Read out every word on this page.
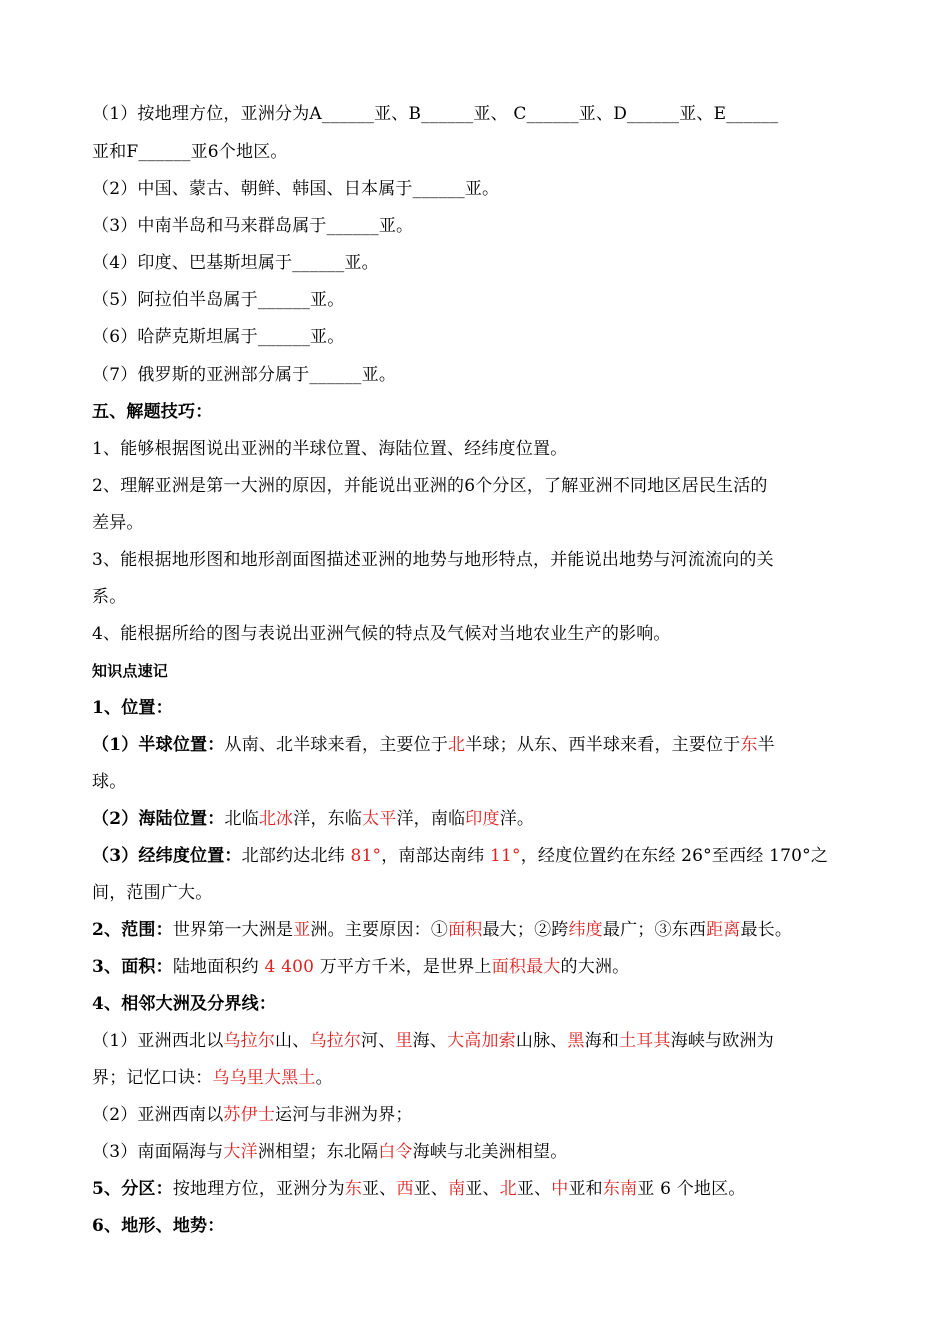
（1）按地理方位，亚洲分为A______亚、B______亚、 C______亚、D______亚、E______
亚和F______亚6个地区。
（2）中国、蒙古、朝鲜、韩国、日本属于______亚。
（3）中南半岛和马来群岛属于______亚。
（4）印度、巴基斯坦属于______亚。
（5）阿拉伯半岛属于______亚。
（6）哈萨克斯坦属于______亚。
（7）俄罗斯的亚洲部分属于______亚。
五、解题技巧：
1、能够根据图说出亚洲的半球位置、海陆位置、经纬度位置。
2、理解亚洲是第一大洲的原因，并能说出亚洲的6个分区，了解亚洲不同地区居民生活的
差异。
3、能根据地形图和地形剖面图描述亚洲的地势与地形特点，并能说出地势与河流流向的关
系。
4、能根据所给的图与表说出亚洲气候的特点及气候对当地农业生产的影响。
知识点速记
1、位置：
（1）半球位置：从南、北半球来看，主要位于北半球；从东、西半球来看，主要位于东半
球。
（2）海陆位置：北临北冰洋，东临太平洋，南临印度洋。
（3）经纬度位置：北部约达北纬 81°，南部达南纬 11°，经度位置约在东经 26°至西经 170°之
间，范围广大。
2、范围：世界第一大洲是亚洲。主要原因：①面积最大；②跨纬度最广；③东西距离最长。
3、面积：陆地面积约 4 400 万平方千米，是世界上面积最大的大洲。
4、相邻大洲及分界线：
（1）亚洲西北以乌拉尔山、乌拉尔河、里海、大高加索山脉、黑海和土耳其海峡与欧洲为
界；记忆口诀：乌乌里大黑土。
（2）亚洲西南以苏伊士运河与非洲为界；
（3）南面隔海与大洋洲相望；东北隔白令海峡与北美洲相望。
5、分区：按地理方位，亚洲分为东亚、西亚、南亚、北亚、中亚和东南亚 6 个地区。
6、地形、地势：
